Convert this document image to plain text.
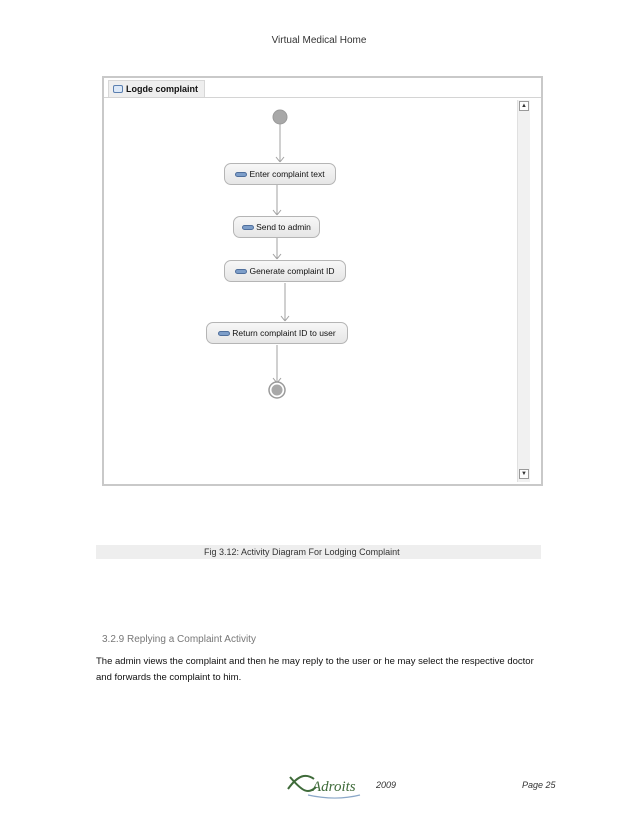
Virtual Medical Home
Logde complaint
Enter complaint text
Send to admin
Generate complaint ID
Return complaint ID to user
▲
▼
Fig 3.12: Activity Diagram For Lodging Complaint
3.2.9 Replying a Complaint Activity
The admin views the complaint and then he may reply to the user or he may select the respective doctor and forwards the complaint to him.
Adroits 2009	Page 25
